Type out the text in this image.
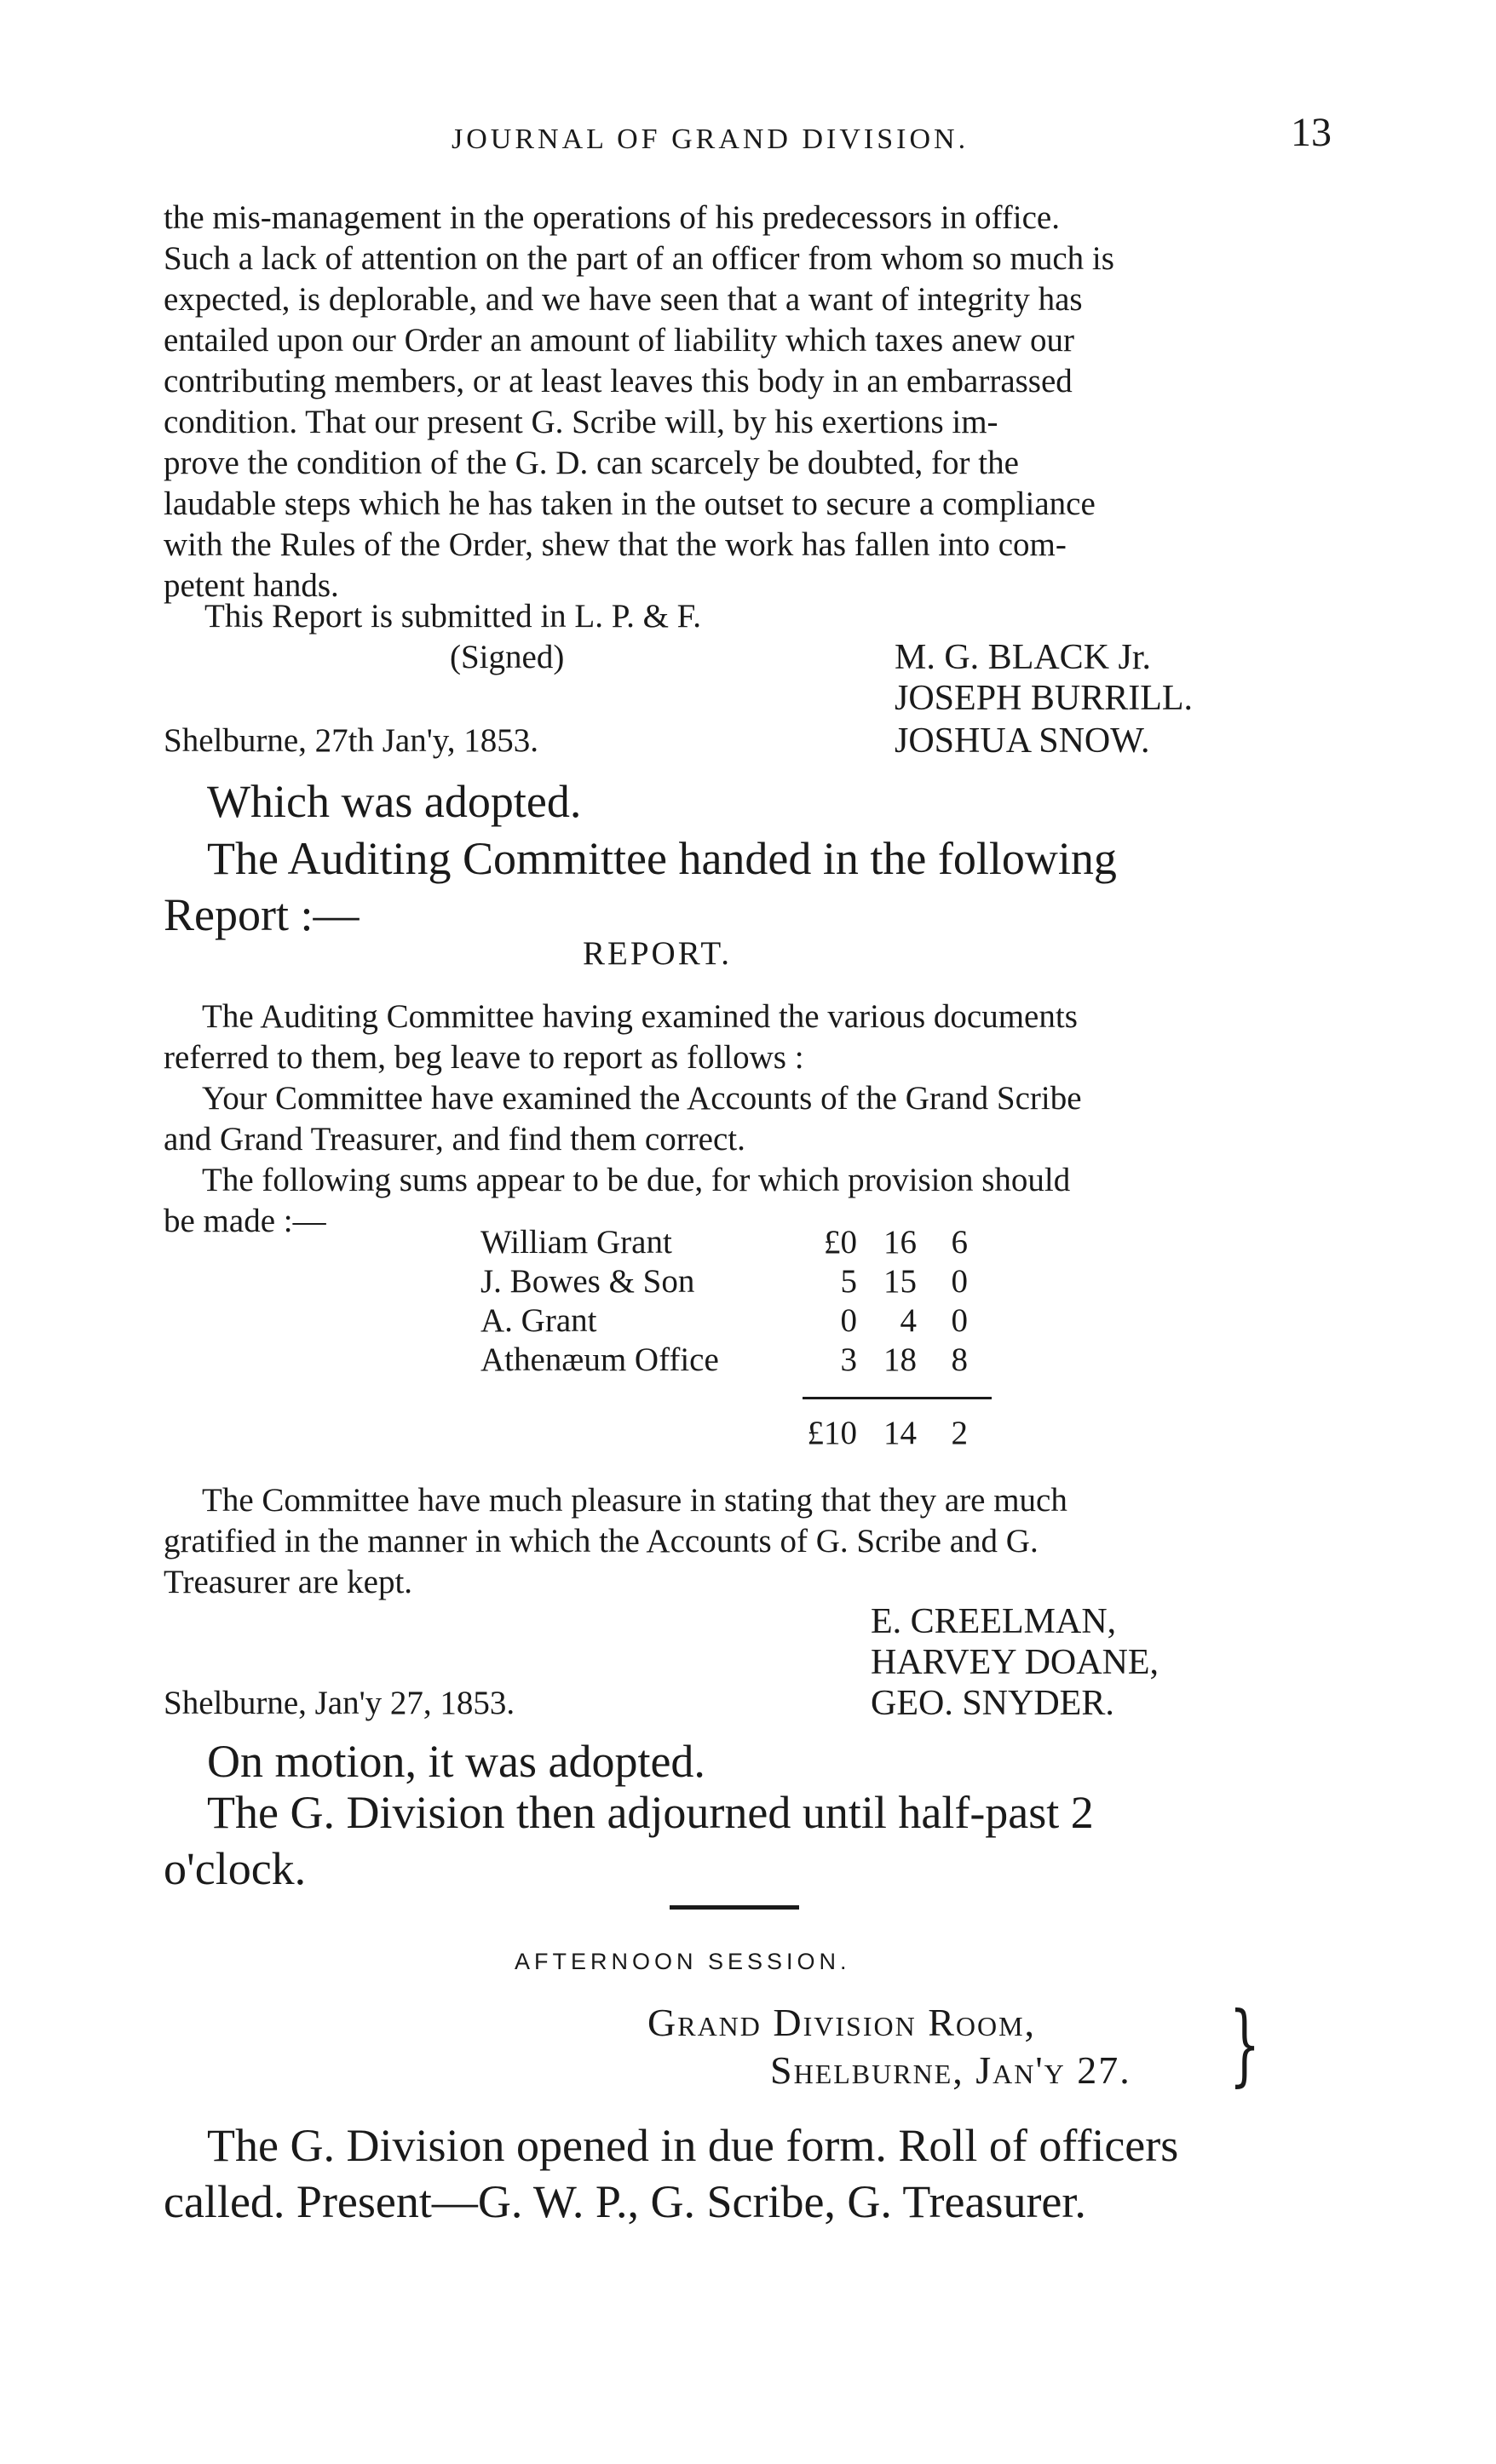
JOURNAL OF GRAND DIVISION.	13
the mis-management in the operations of his predecessors in office.
Such a lack of attention on the part of an officer from whom so much is
expected, is deplorable, and we have seen that a want of integrity has
entailed upon our Order an amount of liability which taxes anew our
contributing members, or at least leaves this body in an embarrassed
condition. That our present G. Scribe will, by his exertions im-
prove the condition of the G. D. can scarcely be doubted, for the
laudable steps which he has taken in the outset to secure a compliance
with the Rules of the Order, shew that the work has fallen into com-
petent hands.
This Report is submitted in L. P. & F.
(Signed)	M. G. BLACK Jr.
JOSEPH BURRILL.
Shelburne, 27th Jan'y, 1853.	JOSHUA SNOW.
Which was adopted.
The Auditing Committee handed in the following
Report :—
REPORT.
The Auditing Committee having examined the various documents
referred to them, beg leave to report as follows :
Your Committee have examined the Accounts of the Grand Scribe
and Grand Treasurer, and find them correct.
The following sums appear to be due, for which provision should
be made :—
William Grant	£0	16	6
J. Bowes & Son	5	15	0
A. Grant	0	4	0
Athenæum Office	3	18	8
£10	14	2
The Committee have much pleasure in stating that they are much
gratified in the manner in which the Accounts of G. Scribe and G.
Treasurer are kept.
E. CREELMAN,
HARVEY DOANE,
Shelburne, Jan'y 27, 1853.	GEO. SNYDER.
On motion, it was adopted.
The G. Division then adjourned until half-past 2
o'clock.
AFTERNOON SESSION.
Grand Division Room,
Shelburne, Jan'y 27. }
The G. Division opened in due form. Roll of officers
called. Present—G. W. P., G. Scribe, G. Treasurer.
